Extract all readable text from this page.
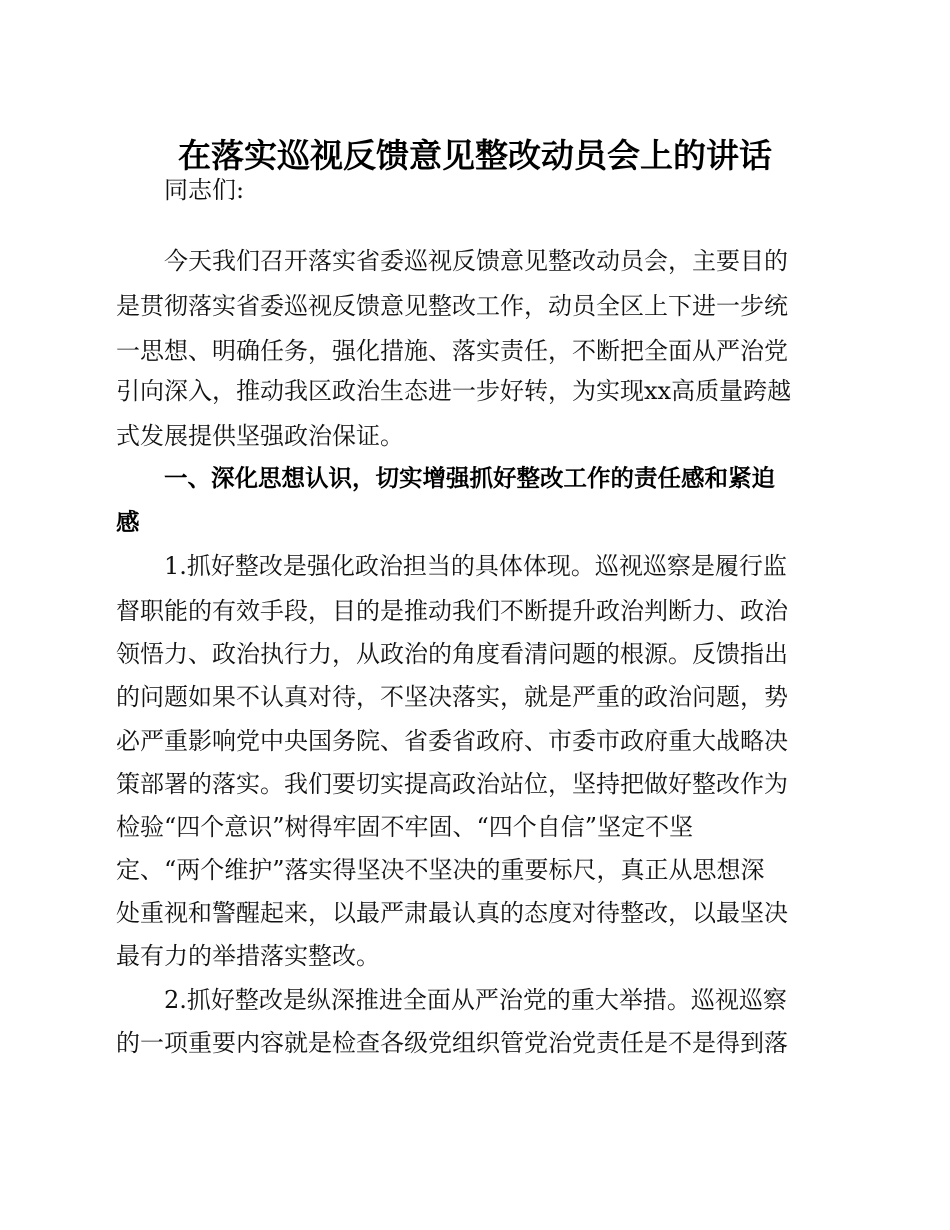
在落实巡视反馈意见整改动员会上的讲话
同志们:
今天我们召开落实省委巡视反馈意见整改动员会，主要目的
是贯彻落实省委巡视反馈意见整改工作，动员全区上下进一步统
一思想、明确任务，强化措施、落实责任，不断把全面从严治党
引向深入，推动我区政治生态进一步好转，为实现xx高质量跨越
式发展提供坚强政治保证。
一、深化思想认识，切实增强抓好整改工作的责任感和紧迫
感
1.抓好整改是强化政治担当的具体体现。巡视巡察是履行监
督职能的有效手段，目的是推动我们不断提升政治判断力、政治
领悟力、政治执行力，从政治的角度看清问题的根源。反馈指出
的问题如果不认真对待，不坚决落实，就是严重的政治问题，势
必严重影响党中央国务院、省委省政府、市委市政府重大战略决
策部署的落实。我们要切实提高政治站位，坚持把做好整改作为
检验“四个意识”树得牢固不牢固、“四个自信”坚定不坚
定、“两个维护”落实得坚决不坚决的重要标尺，真正从思想深
处重视和警醒起来，以最严肃最认真的态度对待整改，以最坚决
最有力的举措落实整改。
2.抓好整改是纵深推进全面从严治党的重大举措。巡视巡察
的一项重要内容就是检查各级党组织管党治党责任是不是得到落
